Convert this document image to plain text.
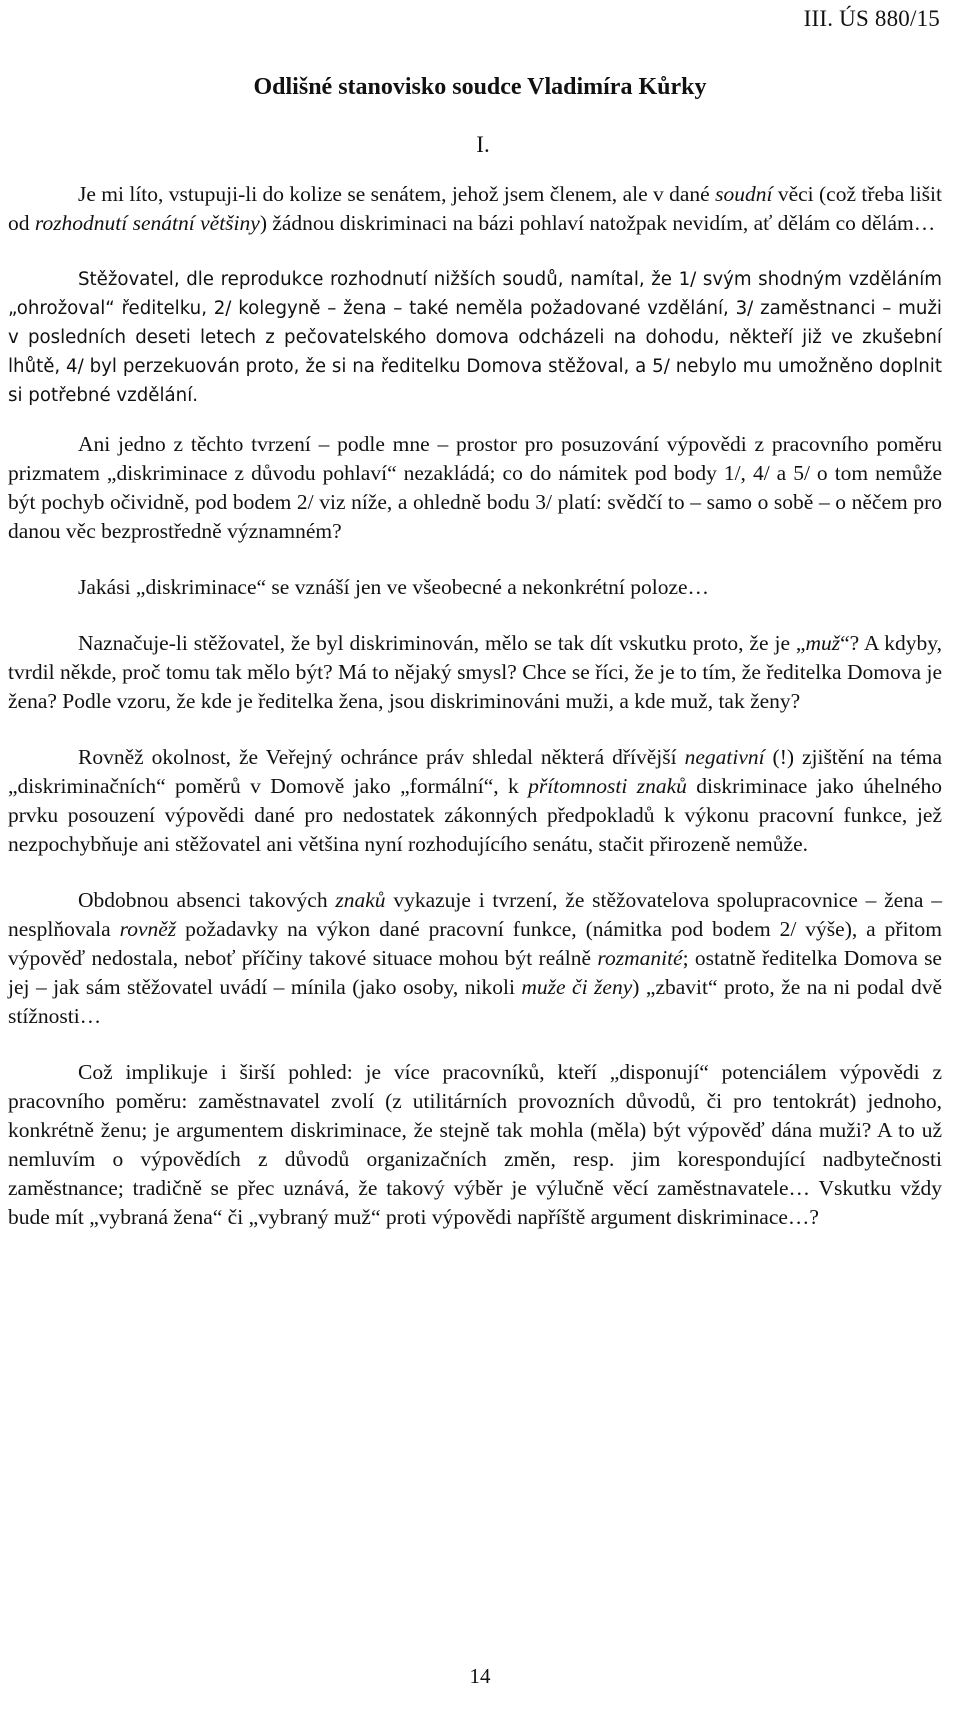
III. ÚS 880/15
Odlišné stanovisko soudce Vladimíra Kůrky
I.

Je mi líto, vstupuji-li do kolize se senátem, jehož jsem členem, ale v dané soudní věci (což třeba lišit od rozhodnutí senátní většiny) žádnou diskriminaci na bázi pohlaví natožpak nevidím, ať dělám co dělám…

Stěžovatel, dle reprodukce rozhodnutí nižších soudů, namítal, že 1/ svým shodným vzděláním „ohrožoval“ ředitelku, 2/ kolegyně – žena – také neměla požadované vzdělání, 3/ zaměstnanci – muži v posledních deseti letech z pečovatelského domova odcházeli na dohodu, někteří již ve zkušební lhůtě, 4/ byl perzekuován proto, že si na ředitelku Domova stěžoval, a 5/ nebylo mu umožněno doplnit si potřebné vzdělání.

Ani jedno z těchto tvrzení – podle mne – prostor pro posuzování výpovědi z pracovního poměru prizmatem „diskriminace z důvodu pohlaví“ nezakládá; co do námitek pod body 1/, 4/ a 5/ o tom nemůže být pochyb očividně, pod bodem 2/ viz níže, a ohledně bodu 3/ platí: svědčí to – samo o sobě – o něčem pro danou věc bezprostředně významném?

Jakási „diskriminace“ se vznáší jen ve všeobecné a nekonkrétní poloze…

Naznačuje-li stěžovatel, že byl diskriminován, mělo se tak dít vskutku proto, že je „muž“? A kdyby, tvrdil někde, proč tomu tak mělo být? Má to nějaký smysl? Chce se říci, že je to tím, že ředitelka Domova je žena? Podle vzoru, že kde je ředitelka žena, jsou diskriminováni muži, a kde muž, tak ženy?

Rovněž okolnost, že Veřejný ochránce práv shledal některá dřívější negativní (!) zjištění na téma „diskriminačních“ poměrů v Domově jako „formální“, k přítomnosti znaků diskriminace jako úhelného prvku posouzení výpovědi dané pro nedostatek zákonných předpokladů k výkonu pracovní funkce, jež nezpochybňuje ani stěžovatel ani většina nyní rozhodujícího senátu, stačit přirozeně nemůže.

Obdobnou absenci takových znaků vykazuje i tvrzení, že stěžovatelova spolupracovnice – žena – nesplňovala rovněž požadavky na výkon dané pracovní funkce, (námitka pod bodem 2/ výše), a přitom výpověď nedostala, neboť příčiny takové situace mohou být reálně rozmanité; ostatně ředitelka Domova se jej – jak sám stěžovatel uvádí – mínila (jako osoby, nikoli muže či ženy) „zbavit“ proto, že na ni podal dvě stížnosti…

Což implikuje i širší pohled: je více pracovníků, kteří „disponují“ potenciálem výpovědi z pracovního poměru: zaměstnavatel zvolí (z utilitárních provozních důvodů, či pro tentokrát) jednoho, konkrétně ženu; je argumentem diskriminace, že stejně tak mohla (měla) být výpověď dána muži? A to už nemluvím o výpovědích z důvodů organizačních změn, resp. jim korespondující nadbytečnosti zaměstnance; tradičně se přec uznává, že takový výběr je výlučně věcí zaměstnavatele… Vskutku vždy bude mít „vybraná žena“ či „vybraný muž“ proti výpovědi napříště argument diskriminace…?

14
